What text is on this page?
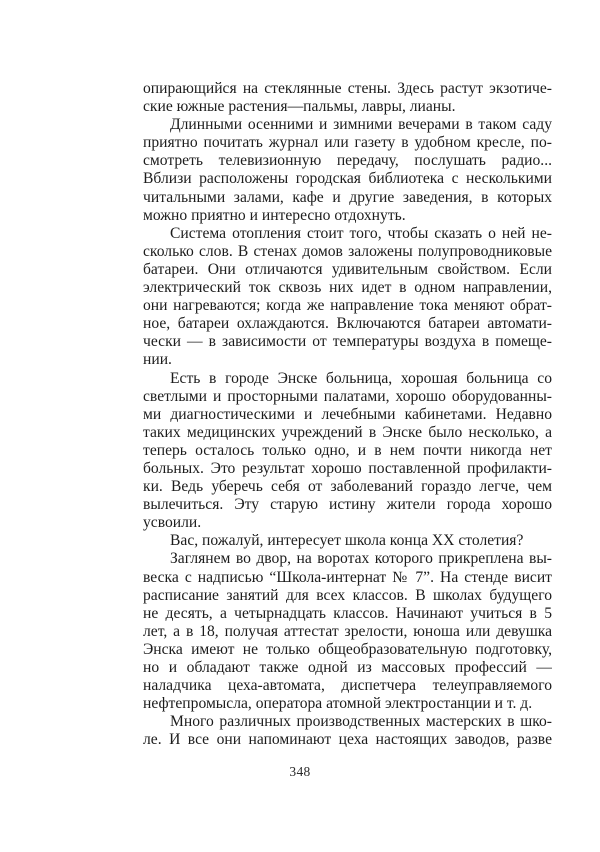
опирающийся на стеклянные стены. Здесь растут экзотиче-
ские южные растения—пальмы, лавры, лианы.
Длинными осенними и зимними вечерами в таком саду
приятно почитать журнал или газету в удобном кресле, по-
смотреть телевизионную передачу, послушать радио...
Вблизи расположены городская библиотека с несколькими
читальными залами, кафе и другие заведения, в которых
можно приятно и интересно отдохнуть.
Система отопления стоит того, чтобы сказать о ней не-
сколько слов. В стенах домов заложены полупроводниковые
батареи. Они отличаются удивительным свойством. Если
электрический ток сквозь них идет в одном направлении,
они нагреваются; когда же направление тока меняют обрат-
ное, батареи охлаждаются. Включаются батареи автомати-
чески — в зависимости от температуры воздуха в помеще-
нии.
Есть в городе Энске больница, хорошая больница со
светлыми и просторными палатами, хорошо оборудованны-
ми диагностическими и лечебными кабинетами. Недавно
таких медицинских учреждений в Энске было несколько, а
теперь осталось только одно, и в нем почти никогда нет
больных. Это результат хорошо поставленной профилакти-
ки. Ведь уберечь себя от заболеваний гораздо легче, чем
вылечиться. Эту старую истину жители города хорошо
усвоили.
Вас, пожалуй, интересует школа конца XX столетия?
Заглянем во двор, на воротах которого прикреплена вы-
веска с надписью “Школа-интернат № 7”. На стенде висит
расписание занятий для всех классов. В школах будущего
не десять, а четырнадцать классов. Начинают учиться в 5
лет, а в 18, получая аттестат зрелости, юноша или девушка
Энска имеют не только общеобразовательную подготовку,
но и обладают также одной из массовых профессий —
наладчика цеха-автомата, диспетчера телеуправляемого
нефтепромысла, оператора атомной электростанции и т. д.
Много различных производственных мастерских в шко-
ле. И все они напоминают цеха настоящих заводов, разве
348
